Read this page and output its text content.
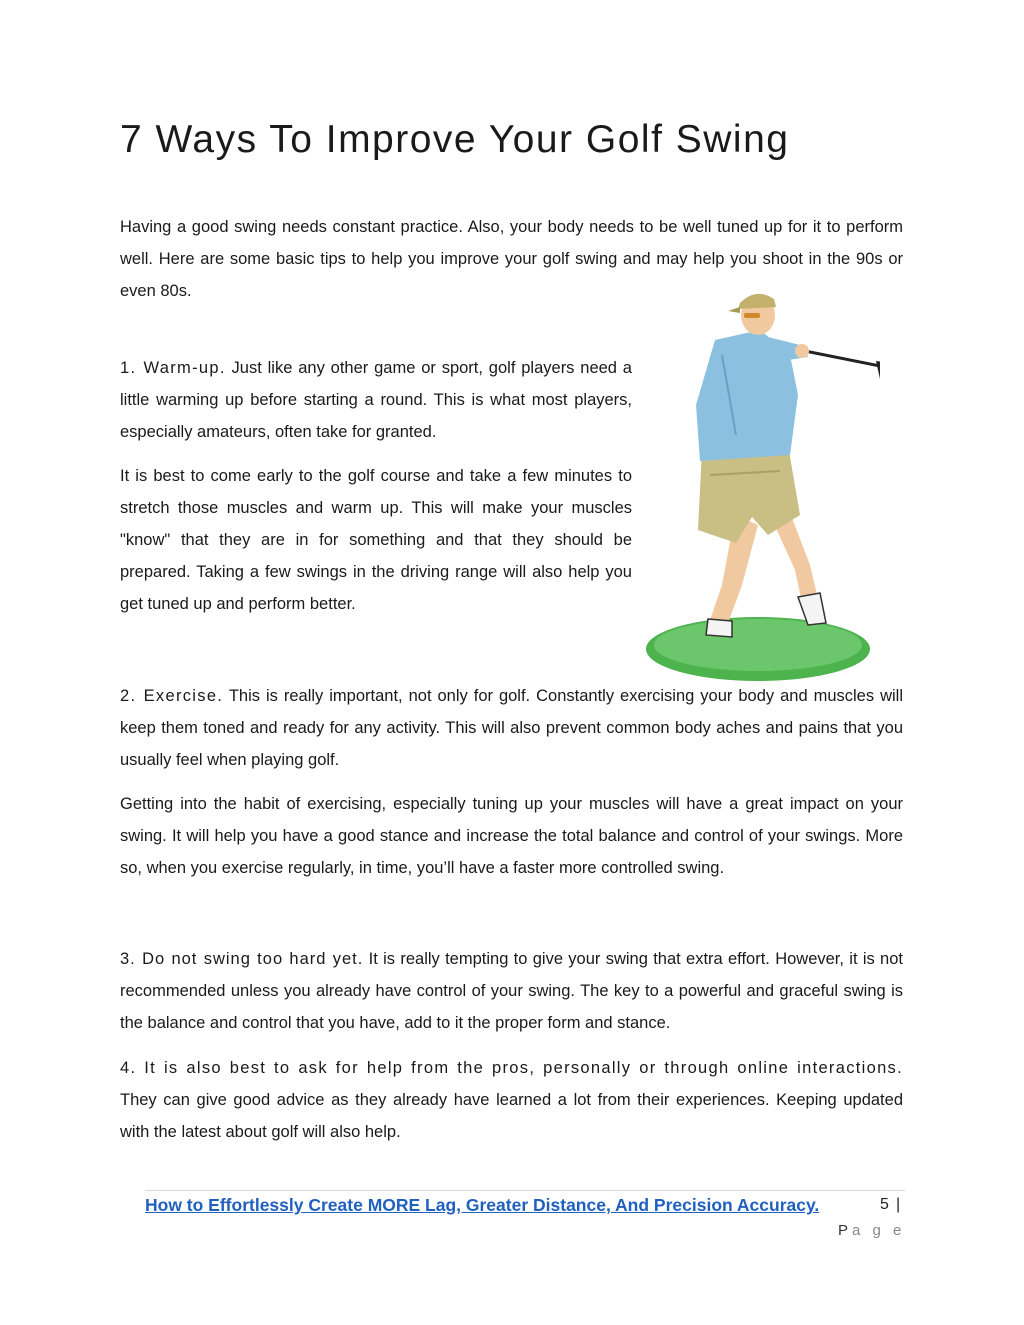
7 Ways To Improve Your Golf Swing

Having a good swing needs constant practice. Also, your body needs to be well tuned up for it to perform well. Here are some basic tips to help you improve your golf swing and may help you shoot in the 90s or even 80s.

1. Warm-up. Just like any other game or sport, golf players need a little warming up before starting a round. This is what most players, especially amateurs, often take for granted.

It is best to come early to the golf course and take a few minutes to stretch those muscles and warm up. This will make your muscles "know" that they are in for something and that they should be prepared. Taking a few swings in the driving range will also help you get tuned up and perform better.

2. Exercise. This is really important, not only for golf. Constantly exercising your body and muscles will keep them toned and ready for any activity. This will also prevent common body aches and pains that you usually feel when playing golf.

Getting into the habit of exercising, especially tuning up your muscles will have a great impact on your swing. It will help you have a good stance and increase the total balance and control of your swings. More so, when you exercise regularly, in time, you’ll have a faster more controlled swing.

3. Do not swing too hard yet. It is really tempting to give your swing that extra effort. However, it is not recommended unless you already have control of your swing. The key to a powerful and graceful swing is the balance and control that you have, add to it the proper form and stance.

4. It is also best to ask for help from the pros, personally or through online interactions. They can give good advice as they already have learned a lot from their experiences. Keeping updated with the latest about golf will also help.

How to Effortlessly Create MORE Lag, Greater Distance, And Precision Accuracy.	5 |
Pa g e
